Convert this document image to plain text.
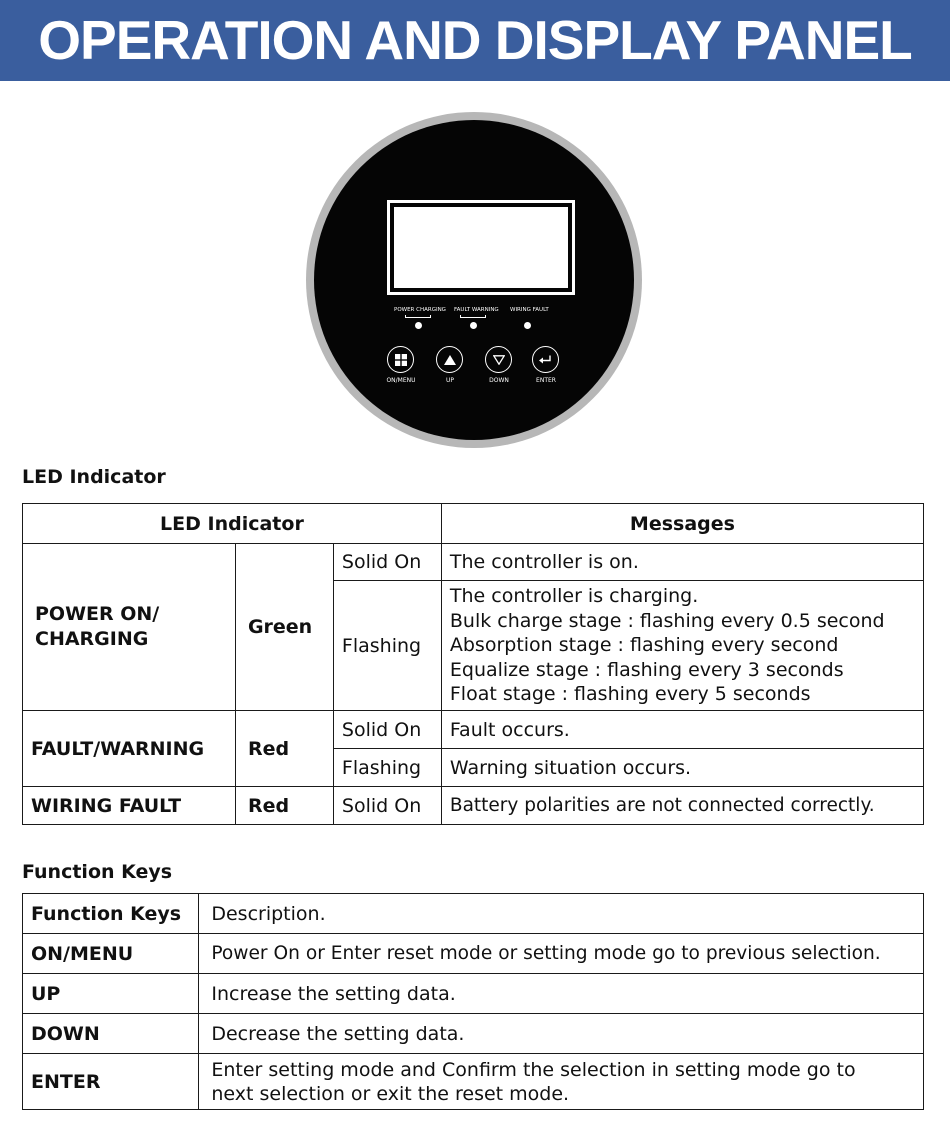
OPERATION AND DISPLAY PANEL
POWER CHARGING FAULT WARNING WIRING FAULT
ON/MENU	UP	DOWN	ENTER
LED Indicator
LED Indicator			Messages
POWER ON/ CHARGING	Green	Solid On	The controller is on.
		Flashing	The controller is charging.
Bulk charge stage : flashing every 0.5 second
Absorption stage : flashing every second
Equalize stage : flashing every 3 seconds
Float stage : flashing every 5 seconds

FAULT/WARNING	Red	Solid On	Fault occurs.
		Flashing	Warning situation occurs.
WIRING FAULT	Red	Solid On	Battery polarities are not connected correctly.
Function Keys
Function Keys	Description.
ON/MENU	Power On or Enter reset mode or setting mode go to previous selection.
UP	Increase the setting data.
DOWN	Decrease the setting data.
ENTER	Enter setting mode and Confirm the selection in setting mode go to
next selection or exit the reset mode.
